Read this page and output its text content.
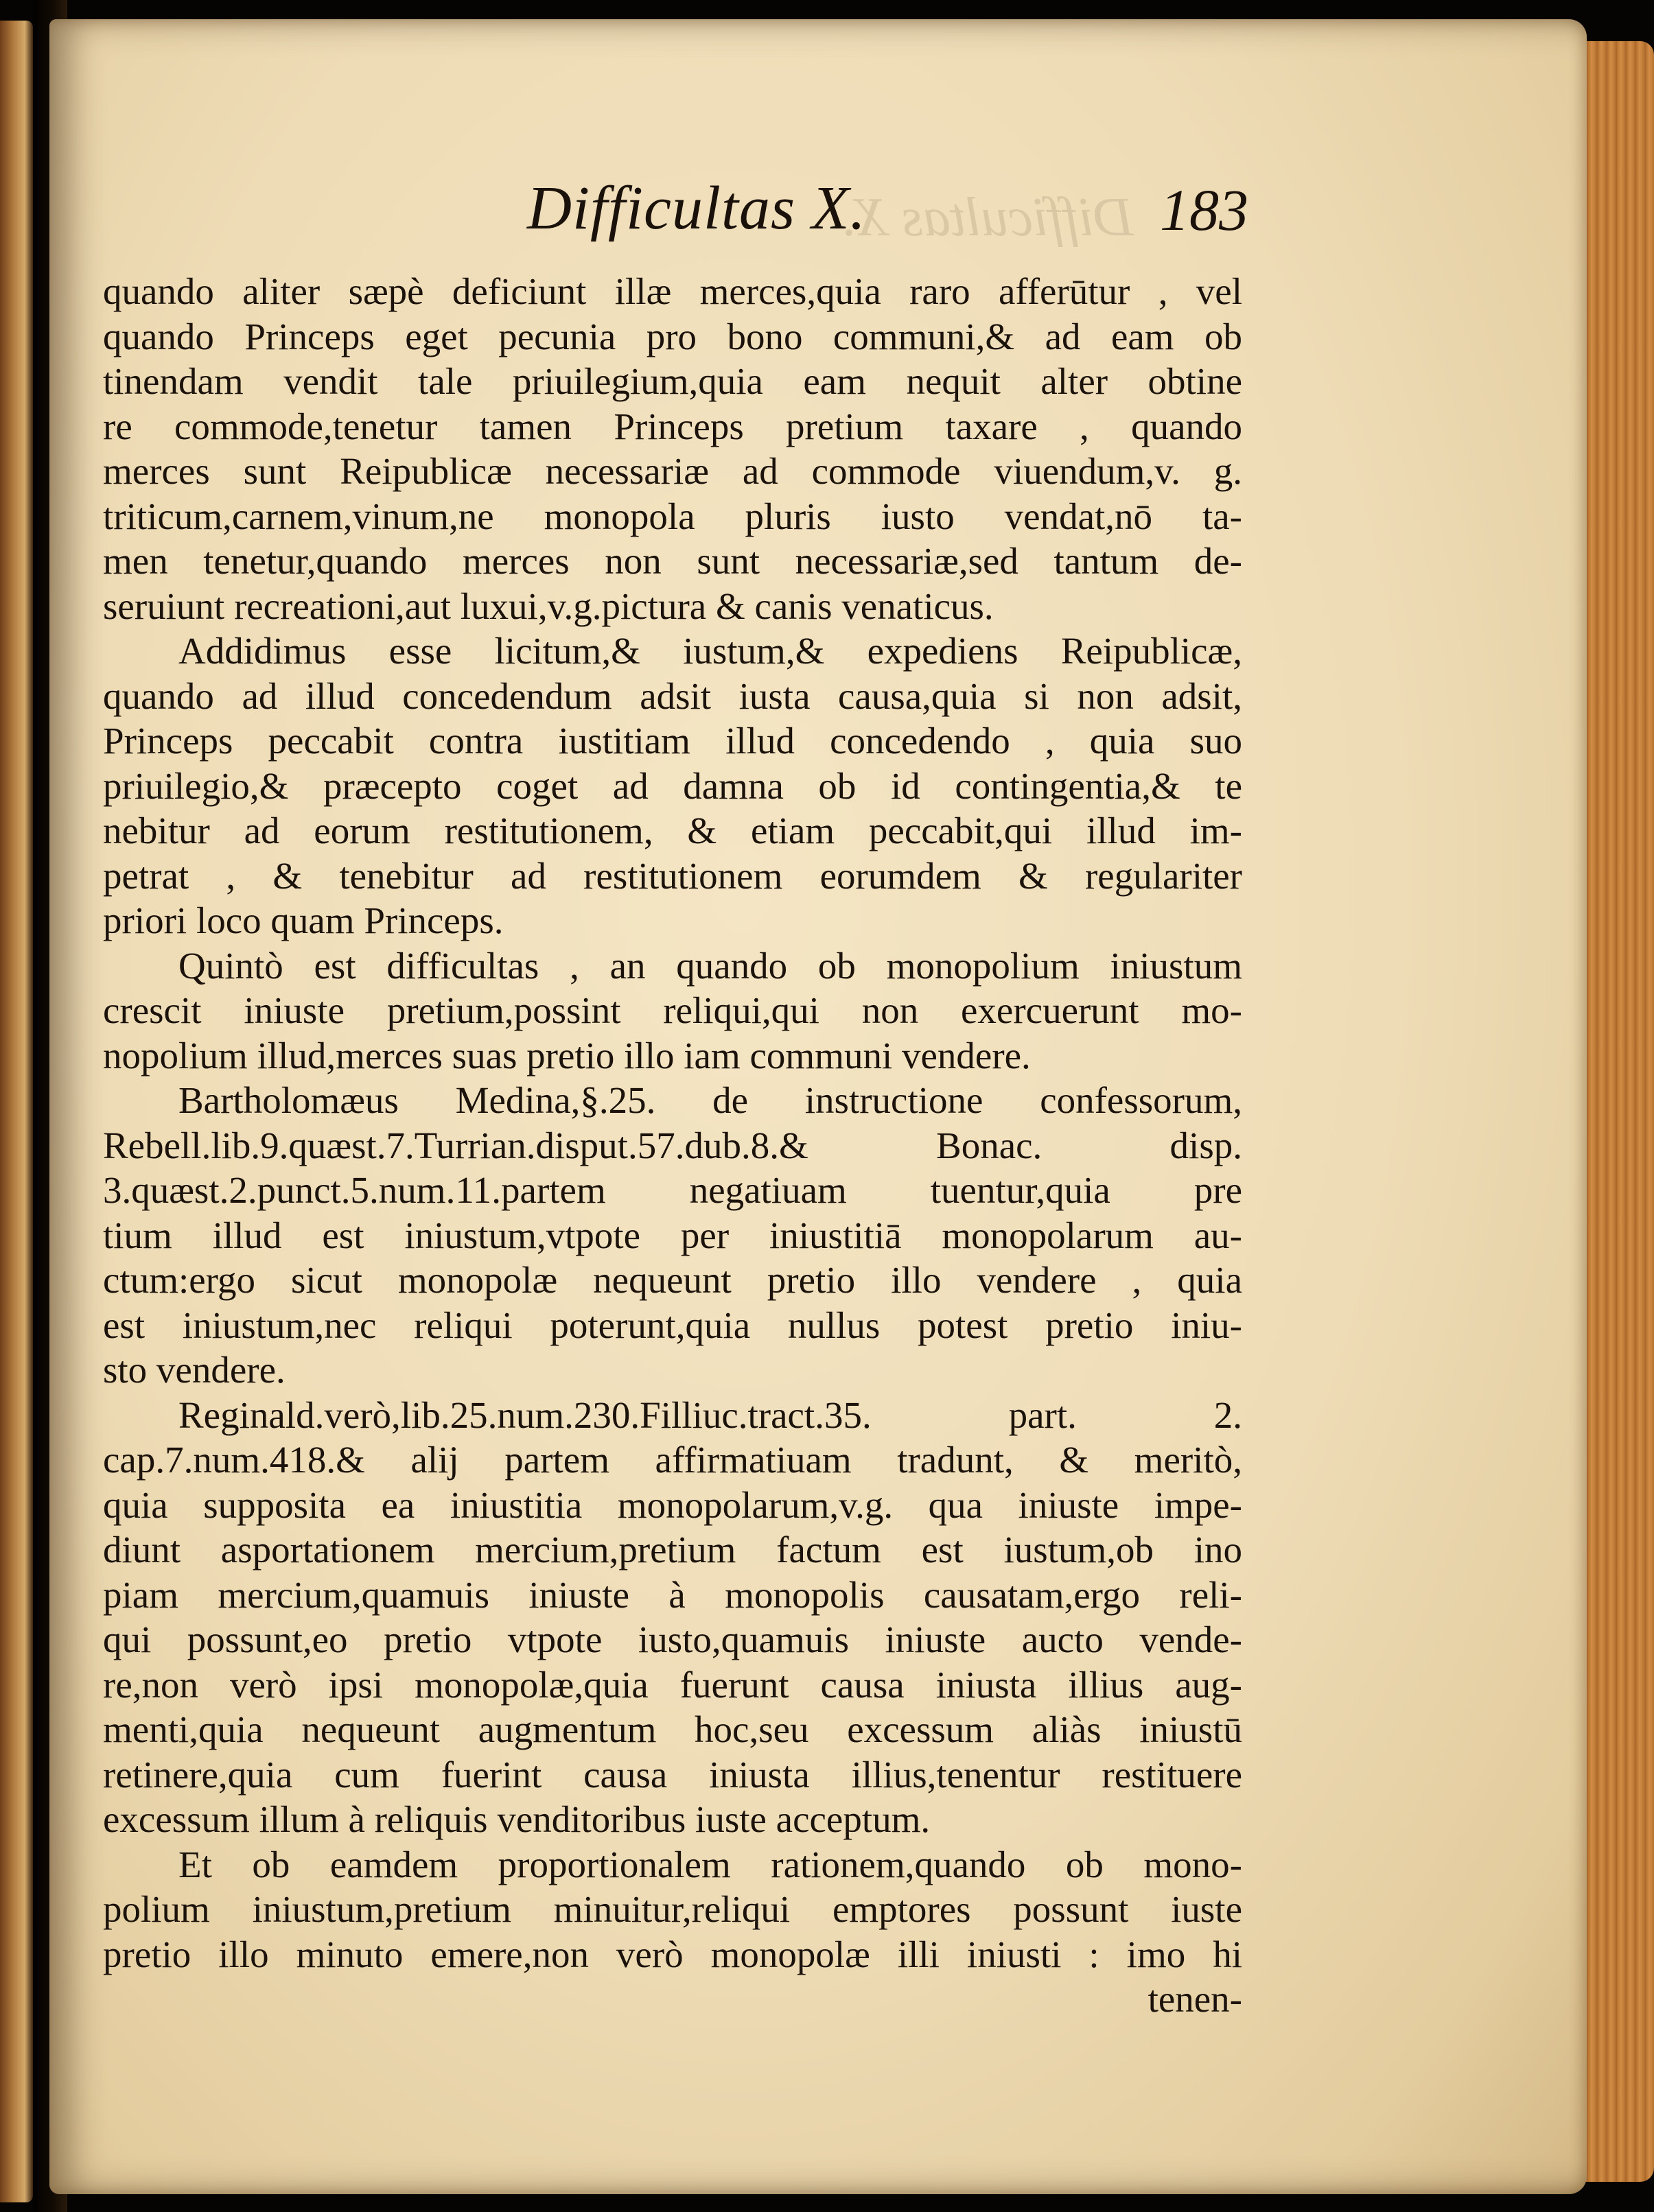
Difficultas X.
Difficultas X.	183
quando aliter sæpè deficiunt illæ merces,quia raro afferūtur , vel
quando Princeps eget pecunia pro bono communi,& ad eam ob
tinendam vendit tale priuilegium,quia eam nequit alter obtine
re commode,tenetur tamen Princeps pretium taxare , quando
merces sunt Reipublicæ necessariæ ad commode viuendum,v. g.
triticum,carnem,vinum,ne monopola pluris iusto vendat,nō ta-
men tenetur,quando merces non sunt necessariæ,sed tantum de-
seruiunt recreationi,aut luxui,v.g.pictura & canis venaticus.
Addidimus esse licitum,& iustum,& expediens Reipublicæ,
quando ad illud concedendum adsit iusta causa,quia si non adsit,
Princeps peccabit contra iustitiam illud concedendo , quia suo
priuilegio,& præcepto coget ad damna ob id contingentia,& te
nebitur ad eorum restitutionem, & etiam peccabit,qui illud im-
petrat , & tenebitur ad restitutionem eorumdem & regulariter
priori loco quam Princeps.
Quintò est difficultas , an quando ob monopolium iniustum
crescit iniuste pretium,possint reliqui,qui non exercuerunt mo-
nopolium illud,merces suas pretio illo iam communi vendere.
Bartholomæus Medina,§.25. de instructione confessorum,
Rebell.lib.9.quæst.7.Turrian.disput.57.dub.8.& Bonac. disp.
3.quæst.2.punct.5.num.11.partem negatiuam tuentur,quia pre
tium illud est iniustum,vtpote per iniustitiā monopolarum au-
ctum:ergo sicut monopolæ nequeunt pretio illo vendere , quia
est iniustum,nec reliqui poterunt,quia nullus potest pretio iniu-
sto vendere.
Reginald.verò,lib.25.num.230.Filliuc.tract.35. part. 2.
cap.7.num.418.& alij partem affirmatiuam tradunt, & meritò,
quia supposita ea iniustitia monopolarum,v.g. qua iniuste impe-
diunt asportationem mercium,pretium factum est iustum,ob ino
piam mercium,quamuis iniuste à monopolis causatam,ergo reli-
qui possunt,eo pretio vtpote iusto,quamuis iniuste aucto vende-
re,non verò ipsi monopolæ,quia fuerunt causa iniusta illius aug-
menti,quia nequeunt augmentum hoc,seu excessum aliàs iniustū
retinere,quia cum fuerint causa iniusta illius,tenentur restituere
excessum illum à reliquis venditoribus iuste acceptum.
Et ob eamdem proportionalem rationem,quando ob mono-
polium iniustum,pretium minuitur,reliqui emptores possunt iuste
pretio illo minuto emere,non verò monopolæ illi iniusti : imo hi
tenen-
